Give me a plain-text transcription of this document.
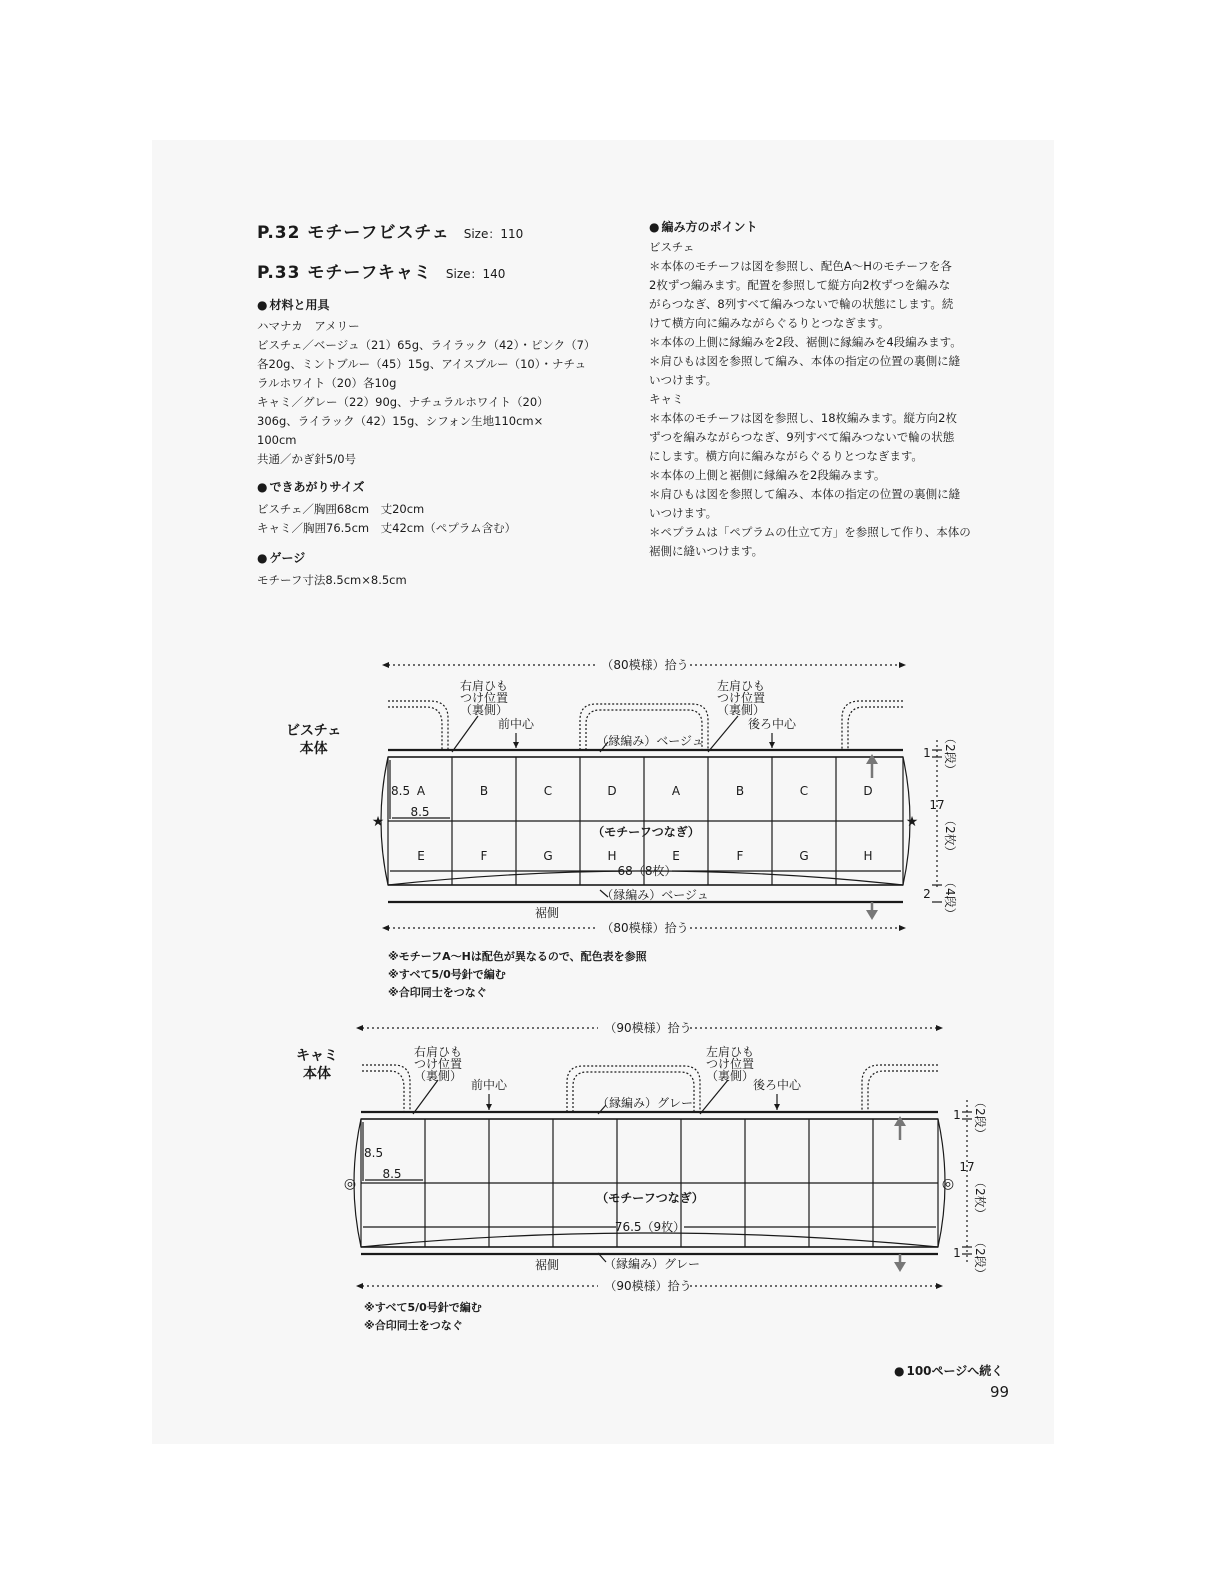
P.32 モチーフビスチェ Size：110
P.33 モチーフキャミ Size：140
● 材料と用具
ハマナカ　アメリー
ビスチェ／ベージュ（21）65g、ライラック（42）・ピンク（7）
各20g、ミントブルー（45）15g、アイスブルー（10）・ナチュ
ラルホワイト（20）各10g
キャミ／グレー（22）90g、ナチュラルホワイト（20）
306g、ライラック（42）15g、シフォン生地110cm×
100cm
共通／かぎ針5/0号
● できあがりサイズ
ビスチェ／胸囲68cm　丈20cm
キャミ／胸囲76.5cm　丈42cm（ペプラム含む）
● ゲージ
モチーフ寸法8.5cm×8.5cm
● 編み方のポイント
ビスチェ
＊本体のモチーフは図を参照し、配色A～Hのモチーフを各
2枚ずつ編みます。配置を参照して縦方向2枚ずつを編みな
がらつなぎ、8列すべて編みつないで輪の状態にします。続
けて横方向に編みながらぐるりとつなぎます。
＊本体の上側に縁編みを2段、裾側に縁編みを4段編みます。
＊肩ひもは図を参照して編み、本体の指定の位置の裏側に縫
いつけます。
キャミ
＊本体のモチーフは図を参照し、18枚編みます。縦方向2枚
ずつを編みながらつなぎ、9列すべて編みつないで輪の状態
にします。横方向に編みながらぐるりとつなぎます。
＊本体の上側と裾側に縁編みを2段編みます。
＊肩ひもは図を参照して編み、本体の指定の位置の裏側に縫
いつけます。
＊ペプラムは「ペプラムの仕立て方」を参照して作り、本体の
裾側に縫いつけます。
ビスチェ
本体
キャミ
本体
（80模様）拾う
（80模様）拾う
右肩ひも
つけ位置
（裏側）
左肩ひも
つけ位置
（裏側）
前中心	後ろ中心
（縁編み）ベージュ
（縁編み）ベージュ
（モチーフつなぎ）
68（8枚）
裾側
8.5
8.5
A	B	C	D	A	B	C	D
E	F	G	H	E	F	G	H
★	★
1
17
2
（2段）
（2枚）
（4段）
※モチーフA～Hは配色が異なるので、配色表を参照
※すべて5/0号針で編む
※合印同士をつなぐ
（90模様）拾う
（90模様）拾う
右肩ひも
つけ位置
（裏側）
左肩ひも
つけ位置
（裏側）
前中心	後ろ中心
（縁編み）グレー
（縁編み）グレー
（モチーフつなぎ）
76.5（9枚）
裾側
8.5
8.5
◎	◎
1
17
1
（2段）
（2枚）
（2段）
※すべて5/0号針で編む
※合印同士をつなぐ
● 100ページへ続く
99
